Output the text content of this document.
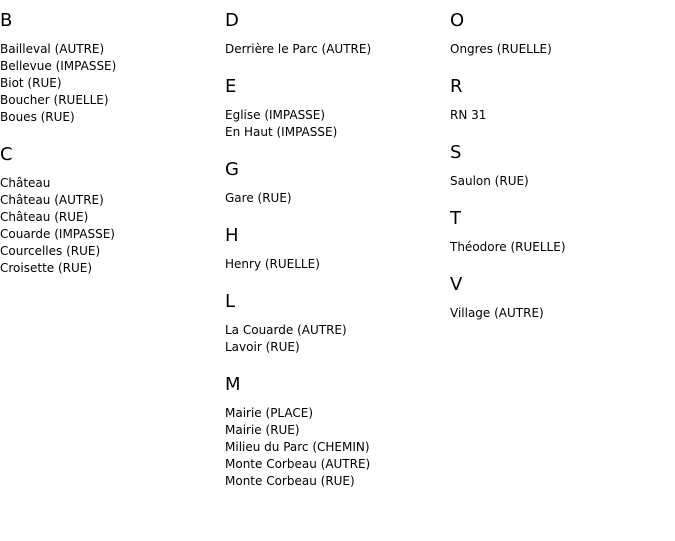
B
Bailleval (AUTRE)
Bellevue (IMPASSE)
Biot (RUE)
Boucher (RUELLE)
Boues (RUE)
C
Château
Château (AUTRE)
Château (RUE)
Couarde (IMPASSE)
Courcelles (RUE)
Croisette (RUE)
D
Derrière le Parc (AUTRE)
E
Eglise (IMPASSE)
En Haut (IMPASSE)
G
Gare (RUE)
H
Henry (RUELLE)
L
La Couarde (AUTRE)
Lavoir (RUE)
M
Mairie (PLACE)
Mairie (RUE)
Milieu du Parc (CHEMIN)
Monte Corbeau (AUTRE)
Monte Corbeau (RUE)
O
Ongres (RUELLE)
R
RN 31
S
Saulon (RUE)
T
Théodore (RUELLE)
V
Village (AUTRE)
